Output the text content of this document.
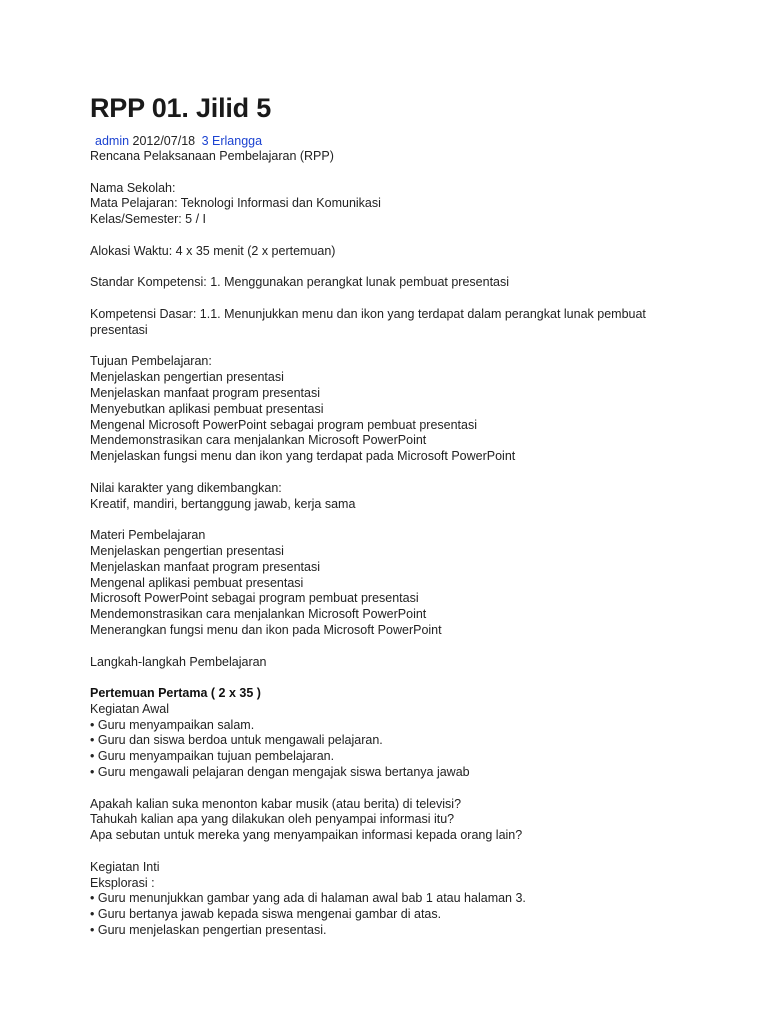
RPP 01. Jilid 5
admin 2012/07/18 3 Erlangga
Rencana Pelaksanaan Pembelajaran (RPP)
Nama Sekolah:
Mata Pelajaran: Teknologi Informasi dan Komunikasi
Kelas/Semester: 5 / I
Alokasi Waktu: 4 x 35 menit (2 x pertemuan)
Standar Kompetensi: 1. Menggunakan perangkat lunak pembuat presentasi
Kompetensi Dasar: 1.1. Menunjukkan menu dan ikon yang terdapat dalam perangkat lunak pembuat presentasi
Tujuan Pembelajaran:
Menjelaskan pengertian presentasi
Menjelaskan manfaat program presentasi
Menyebutkan aplikasi pembuat presentasi
Mengenal Microsoft PowerPoint sebagai program pembuat presentasi
Mendemonstrasikan cara menjalankan Microsoft PowerPoint
Menjelaskan fungsi menu dan ikon yang terdapat pada Microsoft PowerPoint
Nilai karakter yang dikembangkan:
Kreatif, mandiri, bertanggung jawab, kerja sama
Materi Pembelajaran
Menjelaskan pengertian presentasi
Menjelaskan manfaat program presentasi
Mengenal aplikasi pembuat presentasi
Microsoft PowerPoint sebagai program pembuat presentasi
Mendemonstrasikan cara menjalankan Microsoft PowerPoint
Menerangkan fungsi menu dan ikon pada Microsoft PowerPoint
Langkah-langkah Pembelajaran
Pertemuan Pertama ( 2 x 35 )
Kegiatan Awal
• Guru menyampaikan salam.
• Guru dan siswa berdoa untuk mengawali pelajaran.
• Guru menyampaikan tujuan pembelajaran.
• Guru mengawali pelajaran dengan mengajak siswa bertanya jawab
Apakah kalian suka menonton kabar musik (atau berita) di televisi?
Tahukah kalian apa yang dilakukan oleh penyampai informasi itu?
Apa sebutan untuk mereka yang menyampaikan informasi kepada orang lain?
Kegiatan Inti
Eksplorasi :
• Guru menunjukkan gambar yang ada di halaman awal bab 1 atau halaman 3.
• Guru bertanya jawab kepada siswa mengenai gambar di atas.
• Guru menjelaskan pengertian presentasi.
